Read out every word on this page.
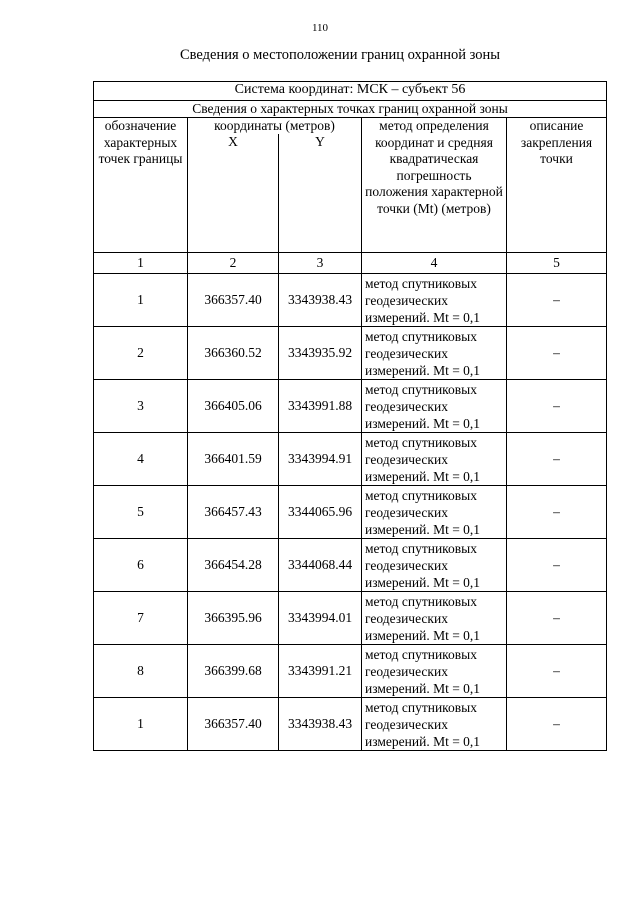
110
Сведения о местоположении границ охранной зоны
Система координат: МСК – субъект 56				
Сведения о характерных точках границ охранной зоны				
обозначение характерных точек границы	координаты (метров)		метод определения координат и средняя квадратическая погрешность положения характерной точки (Mt) (метров)	описание закрепления точки
	X	Y		
1	2	3	4	5
1	366357.40	3343938.43	метод спутниковых геодезических измерений. Mt = 0,1	–
2	366360.52	3343935.92	метод спутниковых геодезических измерений. Mt = 0,1	–
3	366405.06	3343991.88	метод спутниковых геодезических измерений. Mt = 0,1	–
4	366401.59	3343994.91	метод спутниковых геодезических измерений. Mt = 0,1	–
5	366457.43	3344065.96	метод спутниковых геодезических измерений. Mt = 0,1	–
6	366454.28	3344068.44	метод спутниковых геодезических измерений. Mt = 0,1	–
7	366395.96	3343994.01	метод спутниковых геодезических измерений. Mt = 0,1	–
8	366399.68	3343991.21	метод спутниковых геодезических измерений. Mt = 0,1	–
1	366357.40	3343938.43	метод спутниковых геодезических измерений. Mt = 0,1	–
